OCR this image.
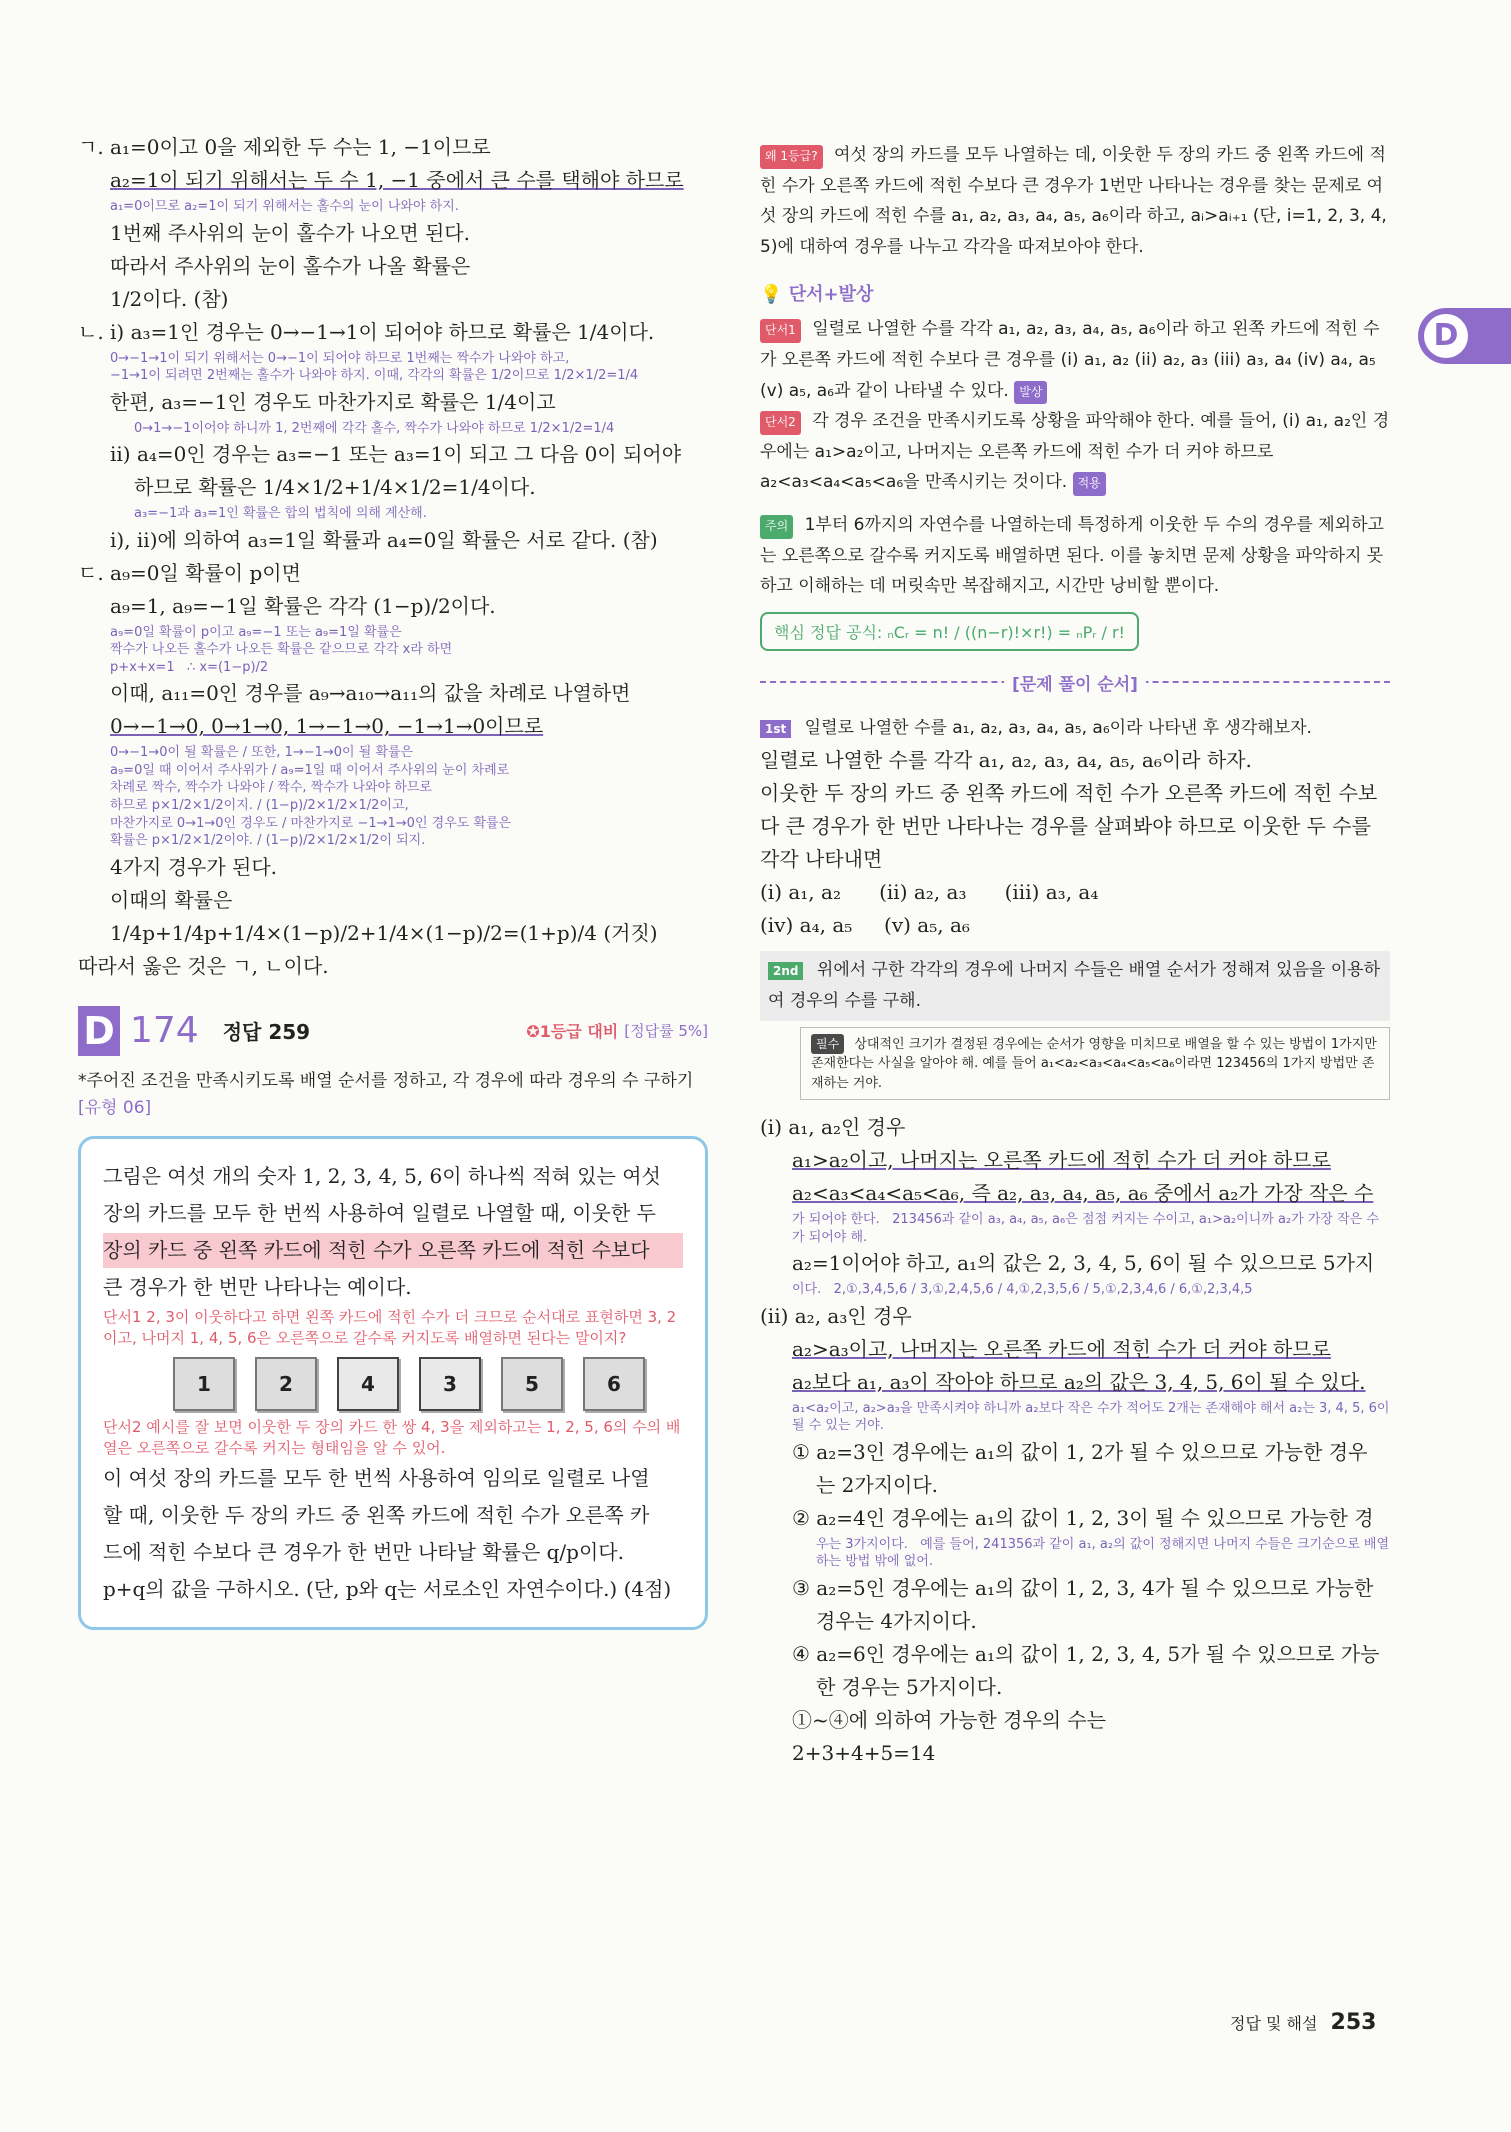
D
ㄱ. a₁=0이고 0을 제외한 두 수는 1, −1이므로
a₂=1이 되기 위해서는 두 수 1, −1 중에서 큰 수를 택해야 하므로
a₁=0이므로 a₂=1이 되기 위해서는 홀수의 눈이 나와야 하지.
1번째 주사위의 눈이 홀수가 나오면 된다.
따라서 주사위의 눈이 홀수가 나올 확률은
1/2이다. (참)
ㄴ. i) a₃=1인 경우는 0→−1→1이 되어야 하므로 확률은 1/4이다.
0→−1→1이 되기 위해서는 0→−1이 되어야 하므로 1번째는 짝수가 나와야 하고,
−1→1이 되려면 2번째는 홀수가 나와야 하지. 이때, 각각의 확률은 1/2이므로 1/2×1/2=1/4
한편, a₃=−1인 경우도 마찬가지로 확률은 1/4이고
0→1→−1이어야 하니까 1, 2번째에 각각 홀수, 짝수가 나와야 하므로 1/2×1/2=1/4
ii) a₄=0인 경우는 a₃=−1 또는 a₃=1이 되고 그 다음 0이 되어야
하므로 확률은 1/4×1/2+1/4×1/2=1/4이다.
a₃=−1과 a₃=1인 확률은 합의 법칙에 의해 계산해.
i), ii)에 의하여 a₃=1일 확률과 a₄=0일 확률은 서로 같다. (참)
ㄷ. a₉=0일 확률이 p이면
a₉=1, a₉=−1일 확률은 각각 (1−p)/2이다.
a₉=0일 확률이 p이고 a₉=−1 또는 a₉=1일 확률은
짝수가 나오든 홀수가 나오든 확률은 같으므로 각각 x라 하면
p+x+x=1   ∴ x=(1−p)/2
이때, a₁₁=0인 경우를 a₉→a₁₀→a₁₁의 값을 차례로 나열하면
0→−1→0, 0→1→0, 1→−1→0, −1→1→0이므로
0→−1→0이 될 확률은 / 또한, 1→−1→0이 될 확률은
a₉=0일 때 이어서 주사위가 / a₉=1일 때 이어서 주사위의 눈이 차례로
차례로 짝수, 짝수가 나와야 / 짝수, 짝수가 나와야 하므로
하므로 p×1/2×1/2이지. / (1−p)/2×1/2×1/2이고,
마찬가지로 0→1→0인 경우도 / 마찬가지로 −1→1→0인 경우도 확률은
확률은 p×1/2×1/2이야. / (1−p)/2×1/2×1/2이 되지.
4가지 경우가 된다.
이때의 확률은
1/4p+1/4p+1/4×(1−p)/2+1/4×(1−p)/2=(1+p)/4 (거짓)
따라서 옳은 것은 ㄱ, ㄴ이다.
D 174 정답 259	✪1등급 대비 [정답률 5%]
*주어진 조건을 만족시키도록 배열 순서를 정하고, 각 경우에 따라 경우의 수 구하기 [유형 06]
그림은 여섯 개의 숫자 1, 2, 3, 4, 5, 6이 하나씩 적혀 있는 여섯
장의 카드를 모두 한 번씩 사용하여 일렬로 나열할 때, 이웃한 두
장의 카드 중 왼쪽 카드에 적힌 수가 오른쪽 카드에 적힌 수보다
큰 경우가 한 번만 나타나는 예이다.
단서1 2, 3이 이웃하다고 하면 왼쪽 카드에 적힌 수가 더 크므로 순서대로 표현하면 3, 2이고, 나머지 1, 4, 5, 6은 오른쪽으로 갈수록 커지도록 배열하면 된다는 말이지?
1	2	4	3	5	6
단서2 예시를 잘 보면 이웃한 두 장의 카드 한 쌍 4, 3을 제외하고는 1, 2, 5, 6의 수의 배열은 오른쪽으로 갈수록 커지는 형태임을 알 수 있어.
이 여섯 장의 카드를 모두 한 번씩 사용하여 임의로 일렬로 나열
할 때, 이웃한 두 장의 카드 중 왼쪽 카드에 적힌 수가 오른쪽 카
드에 적힌 수보다 큰 경우가 한 번만 나타날 확률은 q/p이다.
p+q의 값을 구하시오. (단, p와 q는 서로소인 자연수이다.) (4점)
왜 1등급? 여섯 장의 카드를 모두 나열하는 데, 이웃한 두 장의 카드 중 왼쪽 카드에 적힌 수가 오른쪽 카드에 적힌 수보다 큰 경우가 1번만 나타나는 경우를 찾는 문제로 여섯 장의 카드에 적힌 수를 a₁, a₂, a₃, a₄, a₅, a₆이라 하고, aᵢ>aᵢ₊₁ (단, i=1, 2, 3, 4, 5)에 대하여 경우를 나누고 각각을 따져보아야 한다.
💡 단서+발상
단서1 일렬로 나열한 수를 각각 a₁, a₂, a₃, a₄, a₅, a₆이라 하고 왼쪽 카드에 적힌 수가 오른쪽 카드에 적힌 수보다 큰 경우를 (i) a₁, a₂ (ii) a₂, a₃ (iii) a₃, a₄ (iv) a₄, a₅ (v) a₅, a₆과 같이 나타낼 수 있다. 발상
단서2 각 경우 조건을 만족시키도록 상황을 파악해야 한다. 예를 들어, (i) a₁, a₂인 경우에는 a₁>a₂이고, 나머지는 오른쪽 카드에 적힌 수가 더 커야 하므로 a₂<a₃<a₄<a₅<a₆을 만족시키는 것이다. 적용
주의 1부터 6까지의 자연수를 나열하는데 특정하게 이웃한 두 수의 경우를 제외하고는 오른쪽으로 갈수록 커지도록 배열하면 된다. 이를 놓치면 문제 상황을 파악하지 못하고 이해하는 데 머릿속만 복잡해지고, 시간만 낭비할 뿐이다.
핵심 정답 공식: ₙCᵣ = n! / ((n−r)!×r!) = ₙPᵣ / r!
[문제 풀이 순서]
1st 일렬로 나열한 수를 a₁, a₂, a₃, a₄, a₅, a₆이라 나타낸 후 생각해보자.
일렬로 나열한 수를 각각 a₁, a₂, a₃, a₄, a₅, a₆이라 하자.
이웃한 두 장의 카드 중 왼쪽 카드에 적힌 수가 오른쪽 카드에 적힌 수보
다 큰 경우가 한 번만 나타나는 경우를 살펴봐야 하므로 이웃한 두 수를
각각 나타내면
(i) a₁, a₂      (ii) a₂, a₃      (iii) a₃, a₄
(iv) a₄, a₅     (v) a₅, a₆
2nd 위에서 구한 각각의 경우에 나머지 수들은 배열 순서가 정해져 있음을 이용하여 경우의 수를 구해.
필수 상대적인 크기가 결정된 경우에는 순서가 영향을 미치므로 배열을 할 수 있는 방법이 1가지만 존재한다는 사실을 알아야 해. 예를 들어 a₁<a₂<a₃<a₄<a₅<a₆이라면 123456의 1가지 방법만 존재하는 거야.
(i) a₁, a₂인 경우
a₁>a₂이고, 나머지는 오른쪽 카드에 적힌 수가 더 커야 하므로
a₂<a₃<a₄<a₅<a₆, 즉 a₂, a₃, a₄, a₅, a₆ 중에서 a₂가 가장 작은 수
가 되어야 한다.   213456과 같이 a₃, a₄, a₅, a₆은 점점 커지는 수이고, a₁>a₂이니까 a₂가 가장 작은 수가 되어야 해.
a₂=1이어야 하고, a₁의 값은 2, 3, 4, 5, 6이 될 수 있으므로 5가지
이다.   2,①,3,4,5,6 / 3,①,2,4,5,6 / 4,①,2,3,5,6 / 5,①,2,3,4,6 / 6,①,2,3,4,5
(ii) a₂, a₃인 경우
a₂>a₃이고, 나머지는 오른쪽 카드에 적힌 수가 더 커야 하므로
a₂보다 a₁, a₃이 작아야 하므로 a₂의 값은 3, 4, 5, 6이 될 수 있다.
a₁<a₂이고, a₂>a₃을 만족시켜야 하니까 a₂보다 작은 수가 적어도 2개는 존재해야 해서 a₂는 3, 4, 5, 6이 될 수 있는 거야.
① a₂=3인 경우에는 a₁의 값이 1, 2가 될 수 있으므로 가능한 경우
는 2가지이다.
② a₂=4인 경우에는 a₁의 값이 1, 2, 3이 될 수 있으므로 가능한 경
우는 3가지이다.   예를 들어, 241356과 같이 a₁, a₂의 값이 정해지면 나머지 수들은 크기순으로 배열하는 방법 밖에 없어.
③ a₂=5인 경우에는 a₁의 값이 1, 2, 3, 4가 될 수 있으므로 가능한
경우는 4가지이다.
④ a₂=6인 경우에는 a₁의 값이 1, 2, 3, 4, 5가 될 수 있으므로 가능
한 경우는 5가지이다.
①~④에 의하여 가능한 경우의 수는
2+3+4+5=14
정답 및 해설 253
